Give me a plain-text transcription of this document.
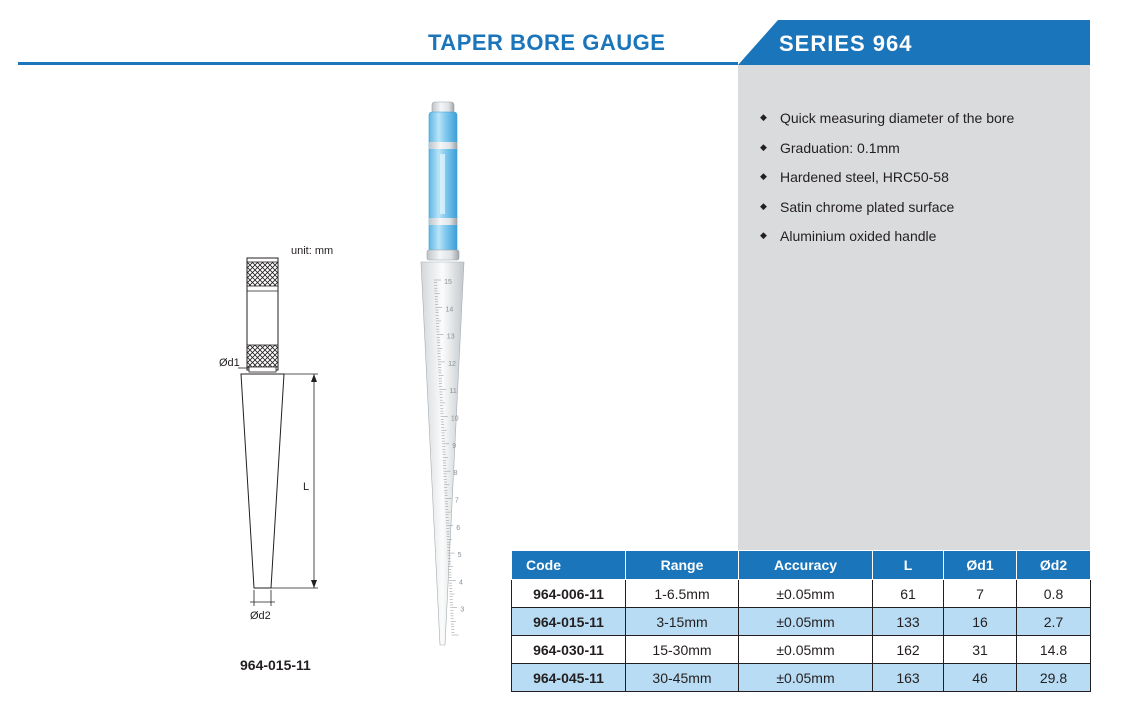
TAPER BORE GAUGE	SERIES 964
◆ Quick measuring diameter of the bore
◆ Graduation: 0.1mm
◆ Hardened steel, HRC50-58
◆ Satin chrome plated surface
◆ Aluminium oxided handle
unit: mm
Ød1
L
Ød2
964-015-11
15
14
13
12
11
10
9
8
7
6
5
4
3
Code	Range	Accuracy	L	Ød1	Ød2
964-006-11	1-6.5mm	±0.05mm	61	7	0.8
964-015-11	3-15mm	±0.05mm	133	16	2.7
964-030-11	15-30mm	±0.05mm	162	31	14.8
964-045-11	30-45mm	±0.05mm	163	46	29.8
